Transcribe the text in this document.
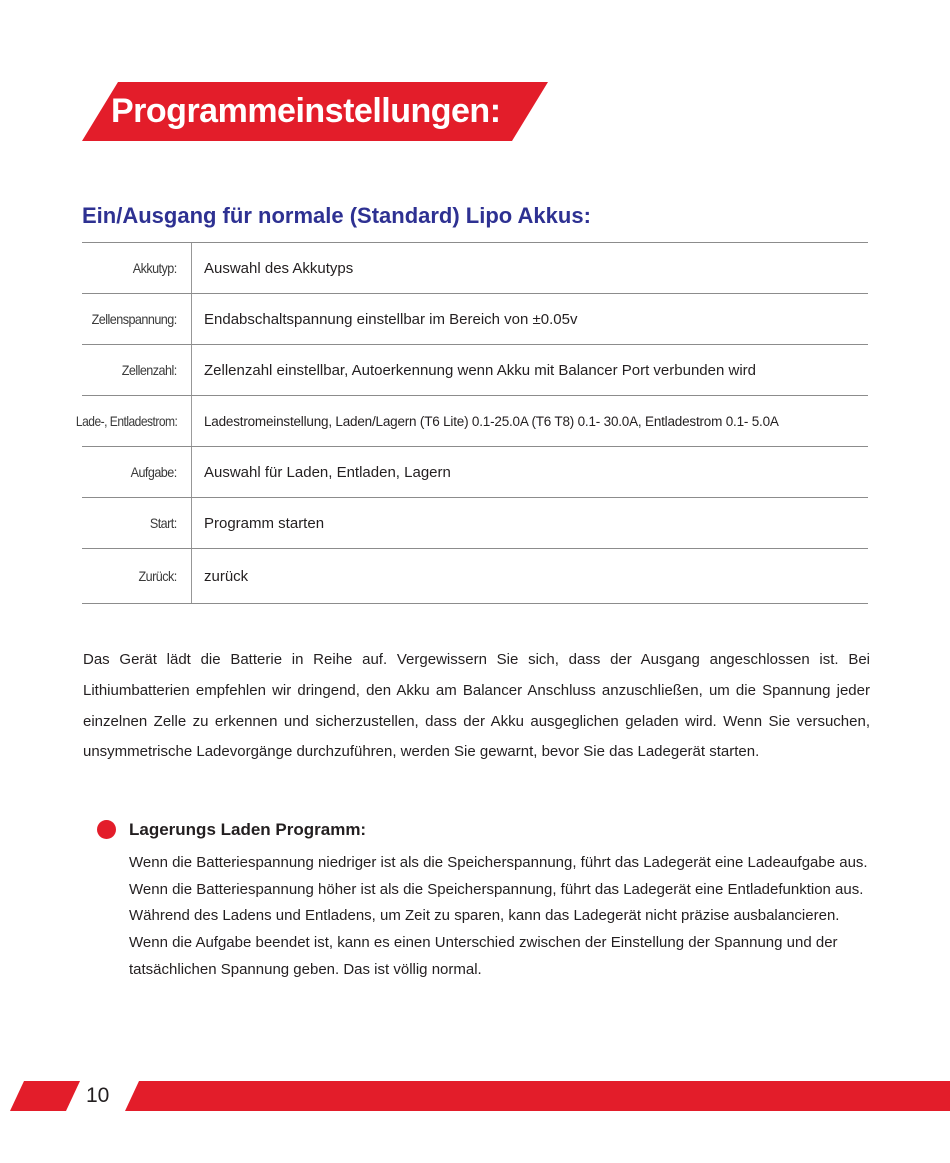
Programmeinstellungen:
Ein/Ausgang für normale (Standard) Lipo Akkus:
Akkutyp:	Auswahl des Akkutyps
Zellenspannung:	Endabschaltspannung einstellbar im Bereich von ±0.05v
Zellenzahl:	Zellenzahl einstellbar, Autoerkennung wenn Akku mit Balancer Port verbunden wird
Lade-, Entladestrom:	Ladestromeinstellung, Laden/Lagern (T6 Lite) 0.1-25.0A (T6 T8) 0.1- 30.0A, Entladestrom 0.1- 5.0A
Aufgabe:	Auswahl für Laden, Entladen, Lagern
Start:	Programm starten
Zurück:	zurück
Das Gerät lädt die Batterie in Reihe auf. Vergewissern Sie sich, dass der Ausgang angeschlossen ist. Bei Lithiumbatterien empfehlen wir dringend, den Akku am Balancer Anschluss anzuschließen, um die Spannung jeder einzelnen Zelle zu erkennen und sicherzustellen, dass der Akku ausgeglichen geladen wird. Wenn Sie versuchen, unsymmetrische Ladevorgänge durchzuführen, werden Sie gewarnt, bevor Sie das Ladegerät starten.
Lagerungs Laden Programm:

Wenn die Batteriespannung niedriger ist als die Speicherspannung, führt das Ladegerät eine Ladeaufgabe aus. Wenn die Batteriespannung höher ist als die Speicherspannung, führt das Ladegerät eine Entladefunktion aus. Während des Ladens und Entladens, um Zeit zu sparen, kann das Ladegerät nicht präzise ausbalancieren.

Wenn die Aufgabe beendet ist, kann es einen Unterschied zwischen der Einstellung der Spannung und der tatsächlichen Spannung geben. Das ist völlig normal.

10
